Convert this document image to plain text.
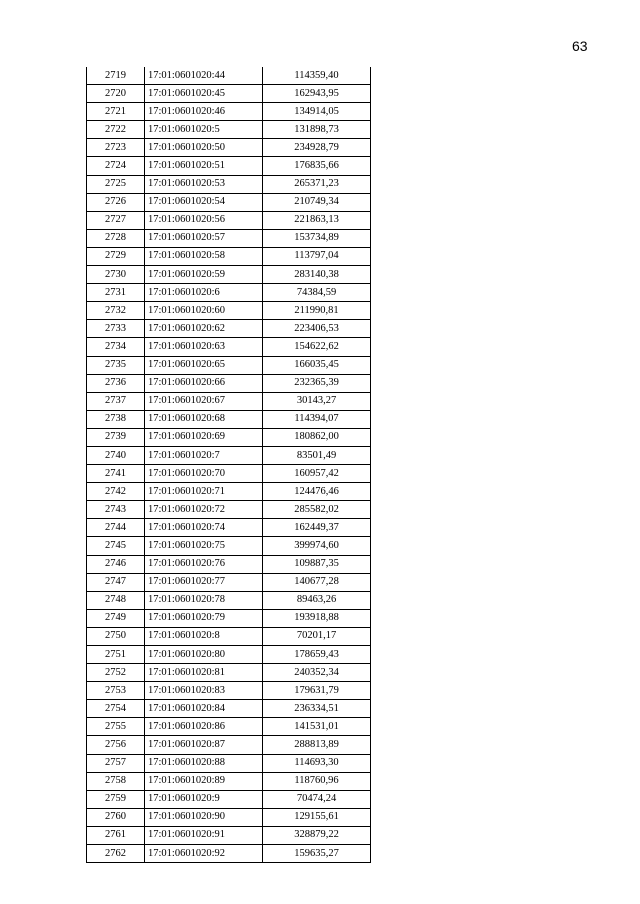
63
2719	17:01:0601020:44	114359,40
2720	17:01:0601020:45	162943,95
2721	17:01:0601020:46	134914,05
2722	17:01:0601020:5	131898,73
2723	17:01:0601020:50	234928,79
2724	17:01:0601020:51	176835,66
2725	17:01:0601020:53	265371,23
2726	17:01:0601020:54	210749,34
2727	17:01:0601020:56	221863,13
2728	17:01:0601020:57	153734,89
2729	17:01:0601020:58	113797,04
2730	17:01:0601020:59	283140,38
2731	17:01:0601020:6	74384,59
2732	17:01:0601020:60	211990,81
2733	17:01:0601020:62	223406,53
2734	17:01:0601020:63	154622,62
2735	17:01:0601020:65	166035,45
2736	17:01:0601020:66	232365,39
2737	17:01:0601020:67	30143,27
2738	17:01:0601020:68	114394,07
2739	17:01:0601020:69	180862,00
2740	17:01:0601020:7	83501,49
2741	17:01:0601020:70	160957,42
2742	17:01:0601020:71	124476,46
2743	17:01:0601020:72	285582,02
2744	17:01:0601020:74	162449,37
2745	17:01:0601020:75	399974,60
2746	17:01:0601020:76	109887,35
2747	17:01:0601020:77	140677,28
2748	17:01:0601020:78	89463,26
2749	17:01:0601020:79	193918,88
2750	17:01:0601020:8	70201,17
2751	17:01:0601020:80	178659,43
2752	17:01:0601020:81	240352,34
2753	17:01:0601020:83	179631,79
2754	17:01:0601020:84	236334,51
2755	17:01:0601020:86	141531,01
2756	17:01:0601020:87	288813,89
2757	17:01:0601020:88	114693,30
2758	17:01:0601020:89	118760,96
2759	17:01:0601020:9	70474,24
2760	17:01:0601020:90	129155,61
2761	17:01:0601020:91	328879,22
2762	17:01:0601020:92	159635,27
